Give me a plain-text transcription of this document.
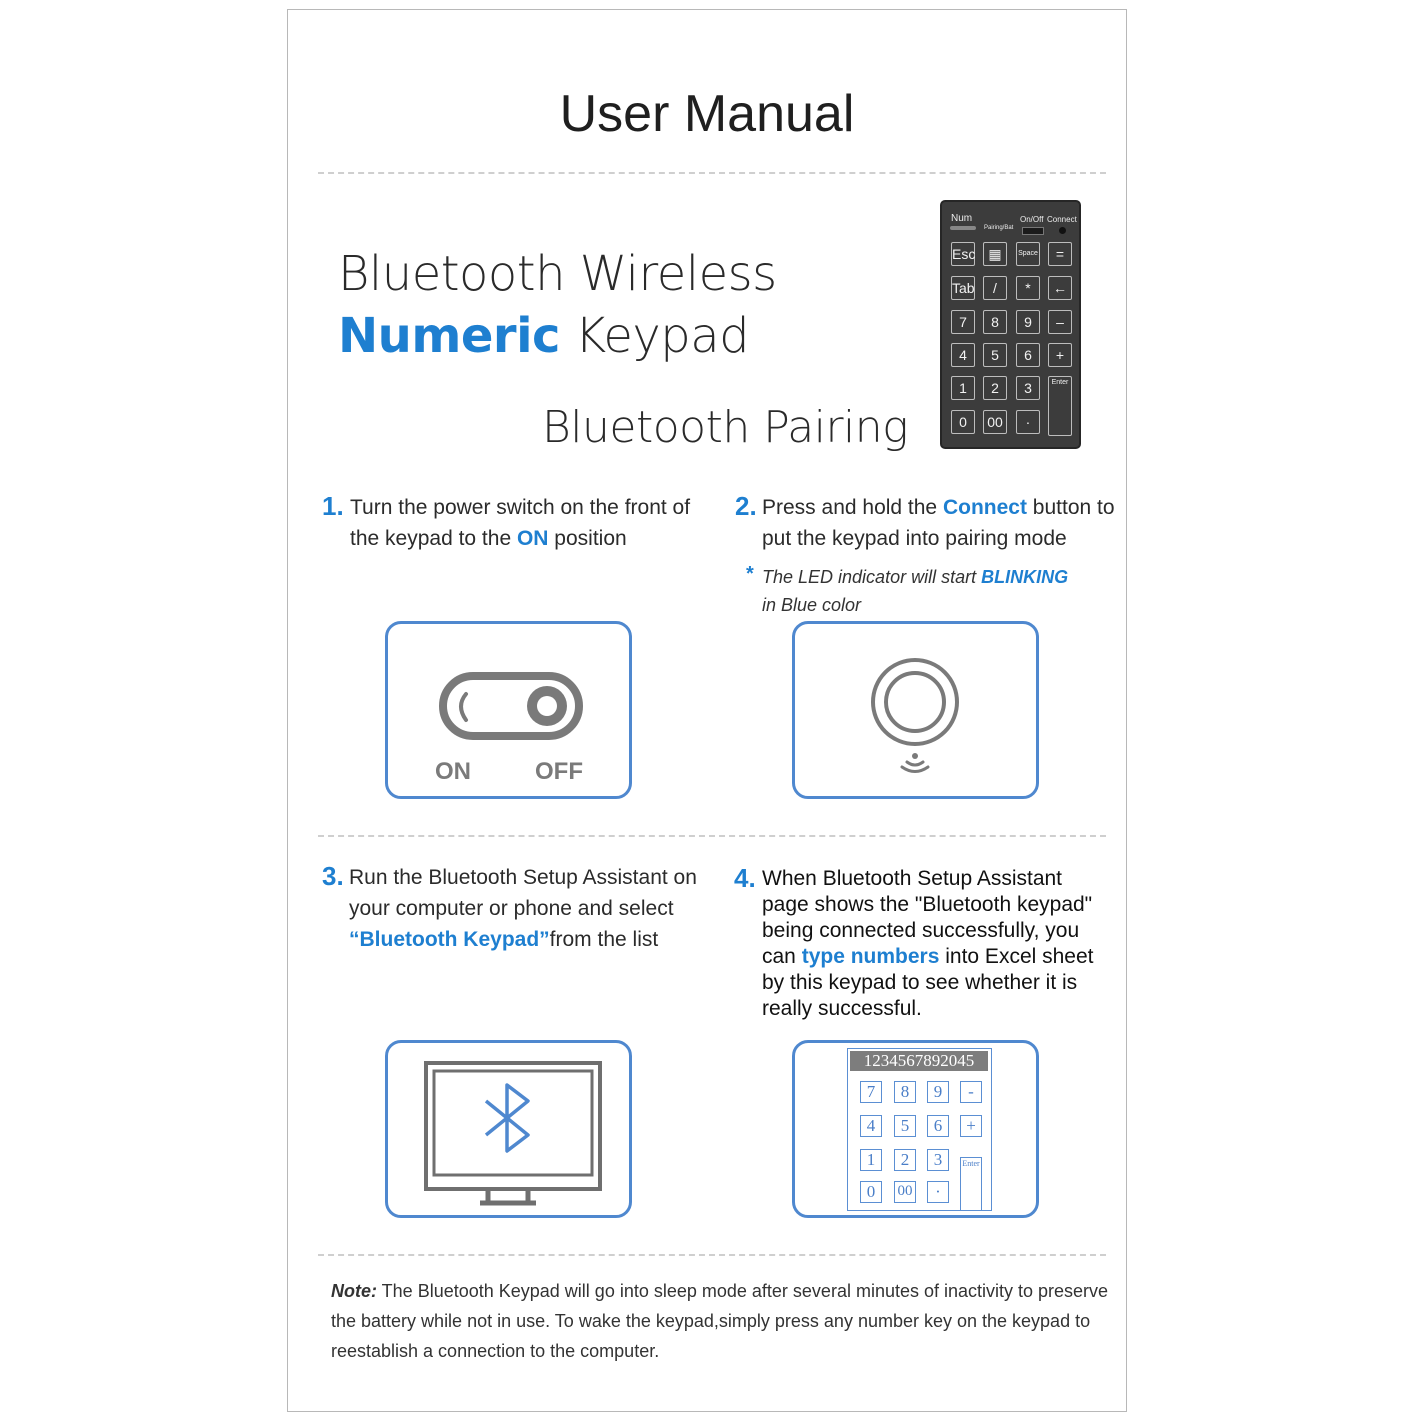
User Manual
Bluetooth Wireless
Numeric Keypad
Bluetooth Pairing
Num
Pairing/Bat
On/Off Connect
Esc ▦	Space	=
Tab	/	*	←
7	8	9	–
4	5	6	+
1	2	3
0	00	·
Enter
1. Turn the power switch on the front of the keypad to the ON position
2. Press and hold the Connect button to put the keypad into pairing mode
* The LED indicator will start BLINKING
in Blue color
ON	OFF
3. Run the Bluetooth Setup Assistant on your computer or phone and select “Bluetooth Keypad”from the list
4. When Bluetooth Setup Assistant page shows the "Bluetooth keypad" being connected successfully, you can type numbers into Excel sheet by this keypad to see whether it is really successful.
1234567892045
7	8	9	-
4	5	6	+
1	2	3
0	00	·
Enter
Note: The Bluetooth Keypad will go into sleep mode after several minutes of inactivity to preserve the battery while not in use. To wake the keypad,simply press any number key on the keypad to reestablish a connection to the computer.
